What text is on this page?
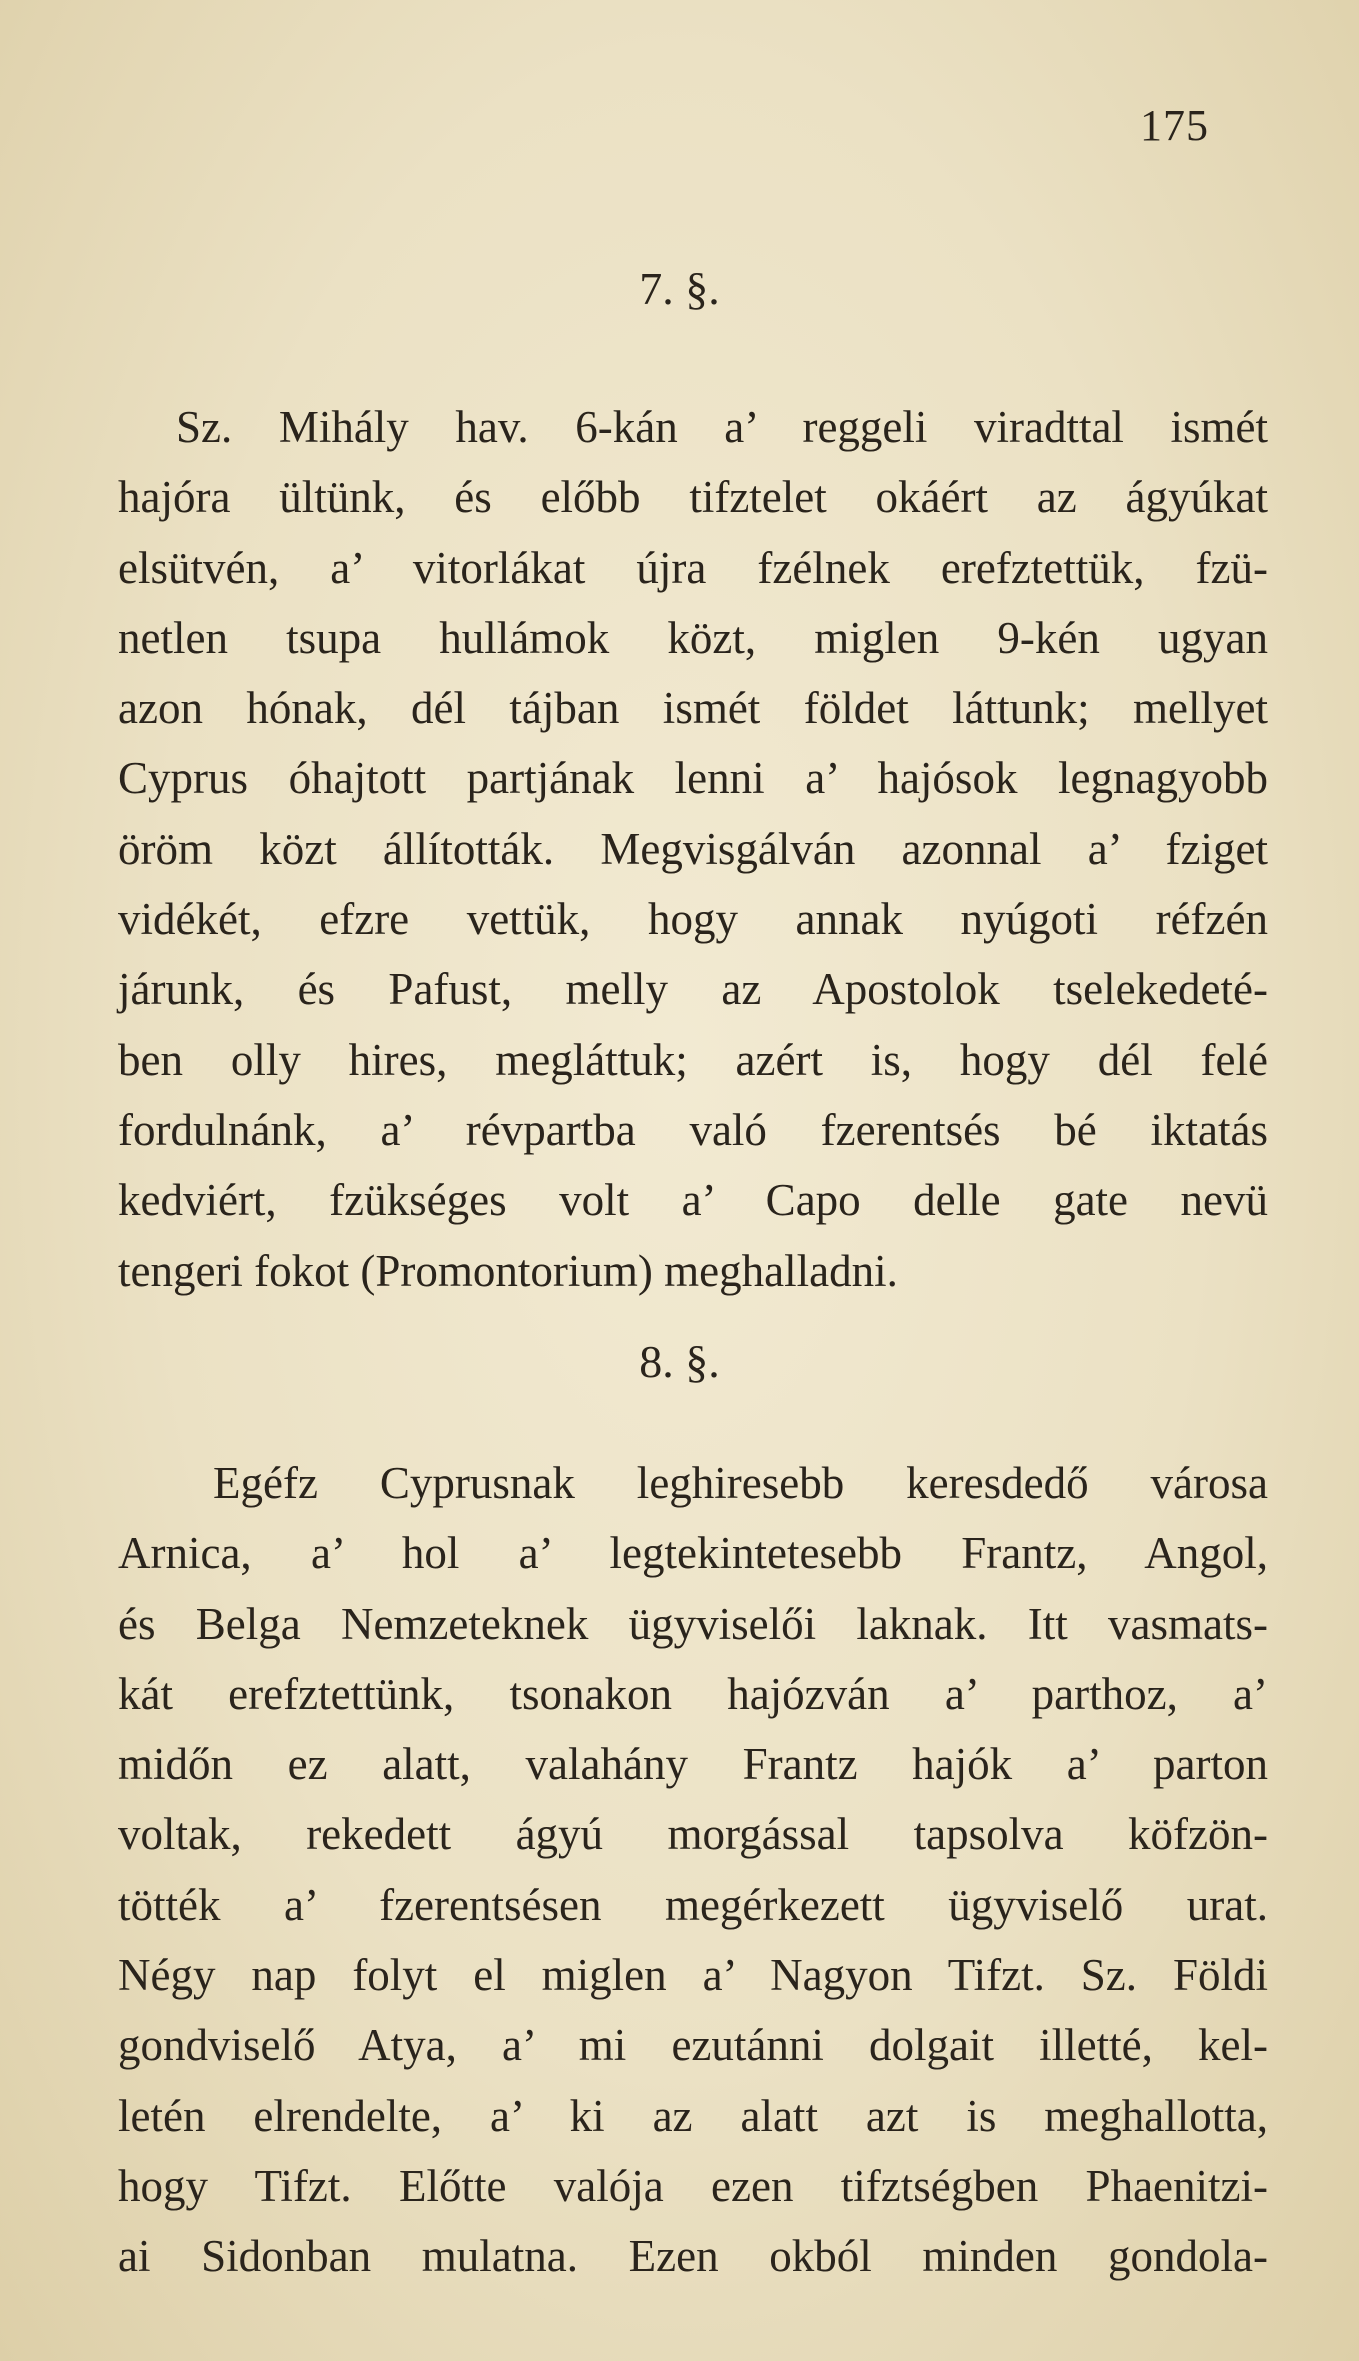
175
7. §.
Sz. Mihály hav. 6-kán a’ reggeli viradttal ismét
hajóra ültünk, és előbb tifztelet okáért az ágyúkat
elsütvén, a’ vitorlákat újra fzélnek erefztettük, fzü-
netlen tsupa hullámok közt, miglen 9-kén ugyan
azon hónak, dél tájban ismét földet láttunk; mellyet
Cyprus óhajtott partjának lenni a’ hajósok legnagyobb
öröm közt állították. Megvisgálván azonnal a’ fziget
vidékét, efzre vettük, hogy annak nyúgoti réfzén
járunk, és Pafust, melly az Apostolok tselekedeté-
ben olly hires, megláttuk; azért is, hogy dél felé
fordulnánk, a’ révpartba való fzerentsés bé iktatás
kedviért, fzükséges volt a’ Capo delle gate nevü
tengeri fokot (Promontorium) meghalladni.
8. §.
Egéfz Cyprusnak leghiresebb keresdedő városa
Arnica, a’ hol a’ legtekintetesebb Frantz, Angol,
és Belga Nemzeteknek ügyviselői laknak. Itt vasmats-
kát erefztettünk, tsonakon hajózván a’ parthoz, a’
midőn ez alatt, valahány Frantz hajók a’ parton
voltak, rekedett ágyú morgással tapsolva köfzön-
tötték a’ fzerentsésen megérkezett ügyviselő urat.
Négy nap folyt el miglen a’ Nagyon Tifzt. Sz. Földi
gondviselő Atya, a’ mi ezutánni dolgait illetté, kel-
letén elrendelte, a’ ki az alatt azt is meghallotta,
hogy Tifzt. Előtte valója ezen tifztségben Phaenitzi-
ai Sidonban mulatna. Ezen okból minden gondola-
